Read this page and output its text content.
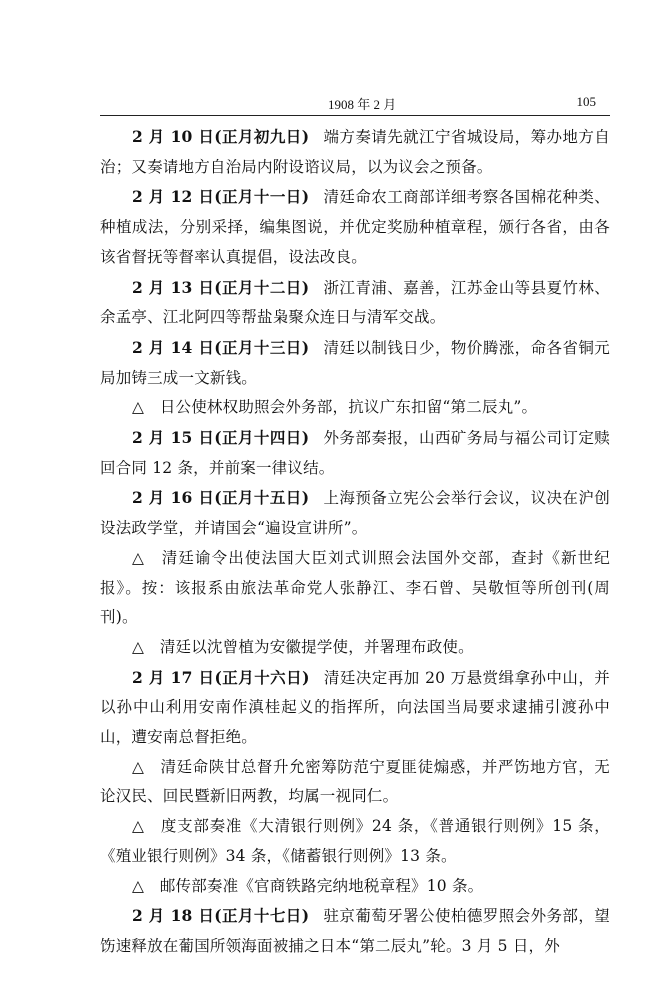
1908 年 2 月	105

2 月 10 日(正月初九日) 端方奏请先就江宁省城设局，筹办地方自治；又奏请地方自治局内附设谘议局，以为议会之预备。

2 月 12 日(正月十一日) 清廷命农工商部详细考察各国棉花种类、种植成法，分别采择，编集图说，并优定奖励种植章程，颁行各省，由各该省督抚等督率认真提倡，设法改良。

2 月 13 日(正月十二日) 浙江青浦、嘉善，江苏金山等县夏竹林、余孟亭、江北阿四等帮盐枭聚众连日与清军交战。

2 月 14 日(正月十三日) 清廷以制钱日少，物价腾涨，命各省铜元局加铸三成一文新钱。

△　日公使林权助照会外务部，抗议广东扣留“第二辰丸”。

2 月 15 日(正月十四日) 外务部奏报，山西矿务局与福公司订定赎回合同 12 条，并前案一律议结。

2 月 16 日(正月十五日) 上海预备立宪公会举行会议，议决在沪创设法政学堂，并请国会“遍设宣讲所”。

△　清廷谕令出使法国大臣刘式训照会法国外交部，查封《新世纪报》。按：该报系由旅法革命党人张静江、李石曾、吴敬恒等所创刊(周刊)。

△　清廷以沈曾植为安徽提学使，并署理布政使。

2 月 17 日(正月十六日) 清廷决定再加 20 万悬赏缉拿孙中山，并以孙中山利用安南作滇桂起义的指挥所，向法国当局要求逮捕引渡孙中山，遭安南总督拒绝。

△　清廷命陕甘总督升允密筹防范宁夏匪徒煽惑，并严饬地方官，无论汉民、回民暨新旧两教，均属一视同仁。

△　度支部奏准《大清银行则例》24 条，《普通银行则例》15 条，《殖业银行则例》34 条，《储蓄银行则例》13 条。

△　邮传部奏准《官商铁路完纳地税章程》10 条。

2 月 18 日(正月十七日) 驻京葡萄牙署公使柏德罗照会外务部，望饬速释放在葡国所领海面被捕之日本“第二辰丸”轮。3 月 5 日，外
